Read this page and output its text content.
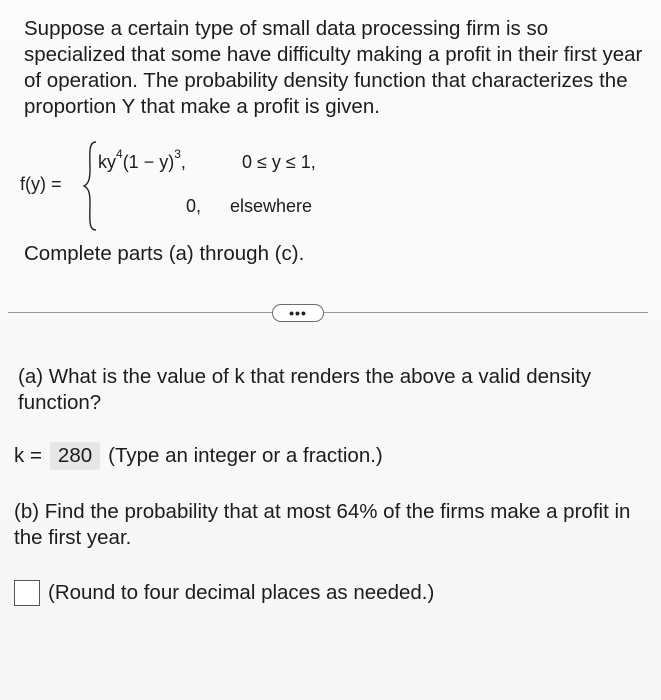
Suppose a certain type of small data processing firm is so specialized that some have difficulty making a profit in their first year of operation. The probability density function that characterizes the proportion Y that make a profit is given.
f(y) =
$ky^4(1 - y)^3$,	0 ≤ y ≤ 1,
0, elsewhere
Complete parts (a) through (c).
•••
(a) What is the value of k that renders the above a valid density function?
k = 280 (Type an integer or a fraction.)
(b) Find the probability that at most 64% of the firms make a profit in the first year.
(Round to four decimal places as needed.)
